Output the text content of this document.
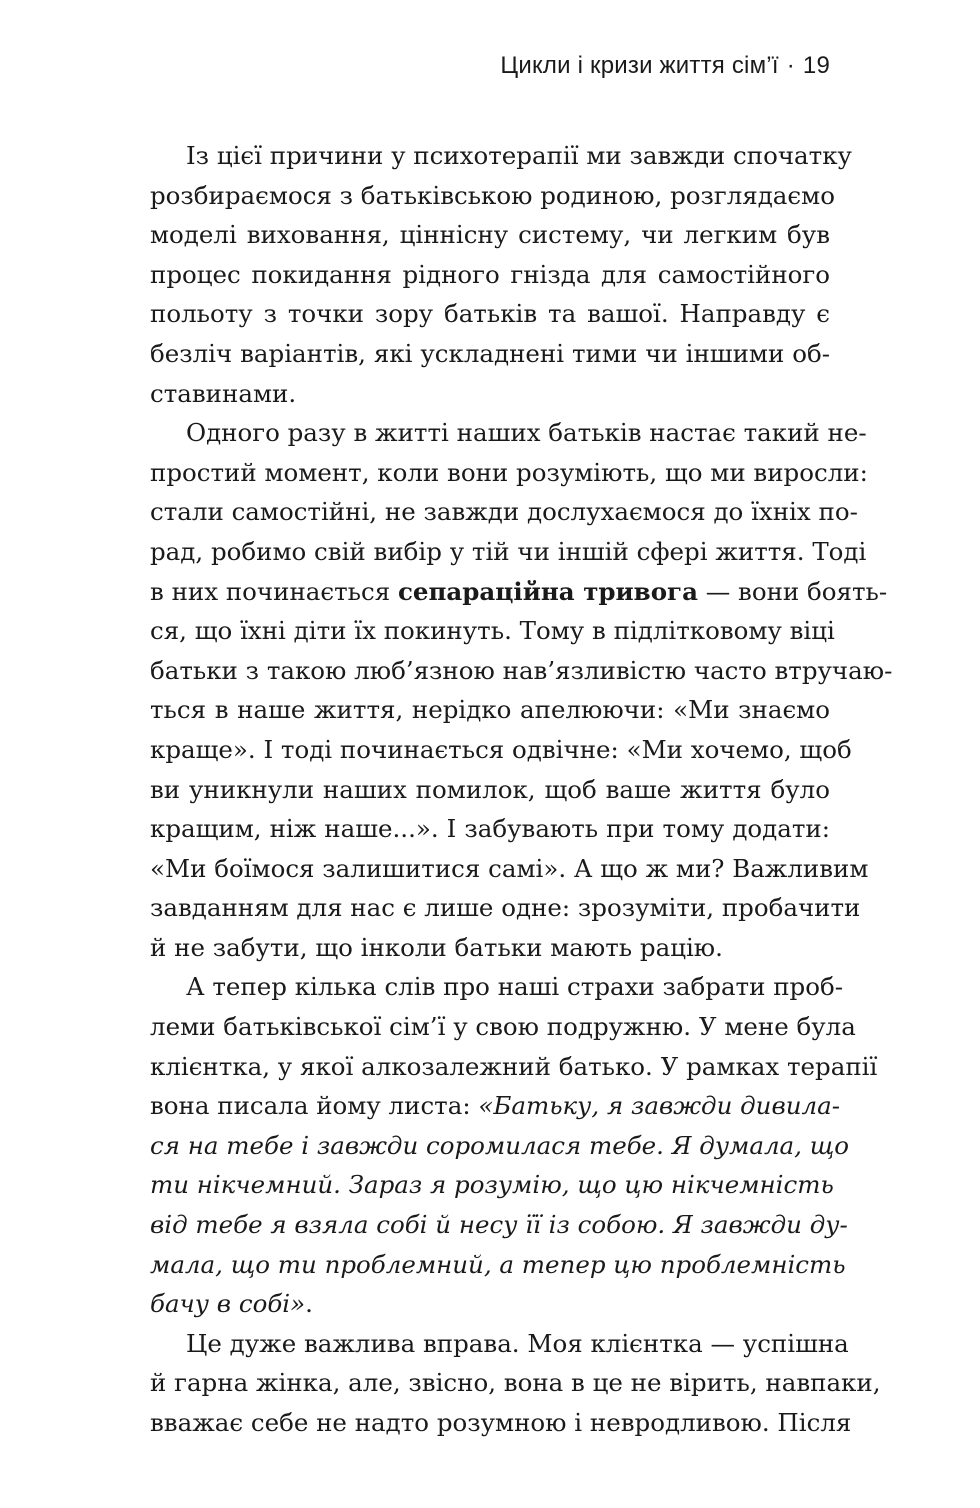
Цикли і кризи життя сім’ї · 19
Із цієї причини у психотерапії ми завжди спочатку
розбираємося з батьківською родиною, розглядаємо
моделі виховання, ціннісну систему, чи легким був
процес покидання рідного гнізда для самостійного
польоту з точки зору батьків та вашої. Направду є
безліч варіантів, які ускладнені тими чи іншими об-
ставинами.
Одного разу в житті наших батьків настає такий не-
простий момент, коли вони розуміють, що ми виросли:
стали самостійні, не завжди дослухаємося до їхніх по-
рад, робимо свій вибір у тій чи іншій сфері життя. Тоді
в них починається сепараційна тривога — вони боять-
ся, що їхні діти їх покинуть. Тому в підлітковому віці
батьки з такою люб’язною нав’язливістю часто втручаю-
ться в наше життя, нерідко апелюючи: «Ми знаємо
краще». І тоді починається одвічне: «Ми хочемо, щоб
ви уникнули наших помилок, щоб ваше життя було
кращим, ніж наше...». І забувають при тому додати:
«Ми боїмося залишитися самі». А що ж ми? Важливим
завданням для нас є лише одне: зрозуміти, пробачити
й не забути, що інколи батьки мають рацію.
А тепер кілька слів про наші страхи забрати проб-
леми батьківської сім’ї у свою подружню. У мене була
клієнтка, у якої алкозалежний батько. У рамках терапії
вона писала йому листа: «Батьку, я завжди дивила-
ся на тебе і завжди соромилася тебе. Я думала, що
ти нікчемний. Зараз я розумію, що цю нікчемність
від тебе я взяла собі й несу її із собою. Я завжди ду-
мала, що ти проблемний, а тепер цю проблемність
бачу в собі».
Це дуже важлива вправа. Моя клієнтка — успішна
й гарна жінка, але, звісно, вона в це не вірить, навпаки,
вважає себе не надто розумною і невродливою. Після
